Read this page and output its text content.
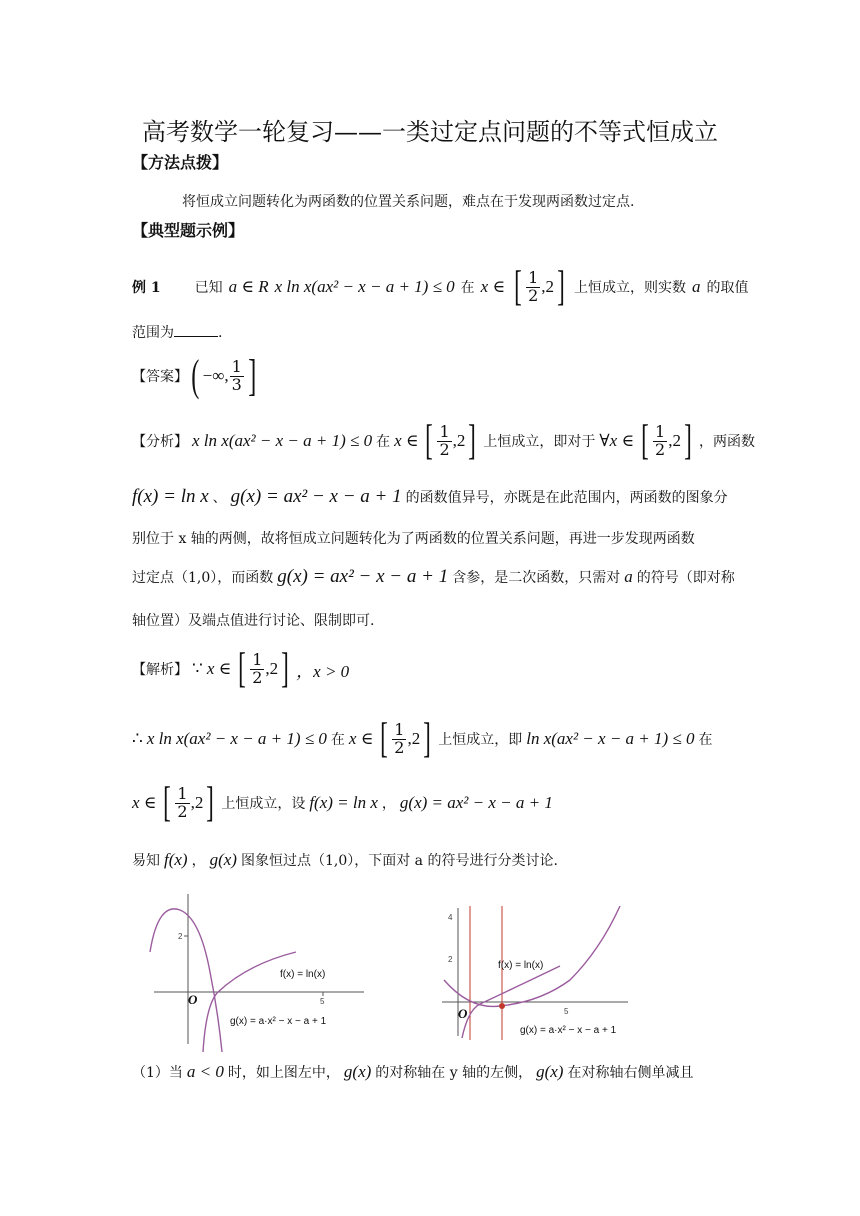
高考数学一轮复习——一类过定点问题的不等式恒成立
【方法点拨】
将恒成立问题转化为两函数的位置关系问题，难点在于发现两函数过定点.
【典型题示例】
例 1 已知 a ∈ R x ln x(ax² − x − a + 1) ≤ 0 在 x ∈ [ $\frac{1}{2} ,2$ ] 上恒成立，则实数 a 的取值
范围为	.
【答案】 ( −∞, $\frac{1}{3}$ ]
【分析】 x ln x(ax² − x − a + 1) ≤ 0 在 x ∈ [ $\frac{1}{2} ,2$ ] 上恒成立，即对于 ∀x ∈ [ $\frac{1}{2} ,2$ ] ，两函数
f(x) = ln x 、 g(x) = ax² − x − a + 1 的函数值异号，亦既是在此范围内，两函数的图象分
别位于 x 轴的两侧，故将恒成立问题转化为了两函数的位置关系问题，再进一步发现两函数
过定点（1,0），而函数 g(x) = ax² − x − a + 1 含参，是二次函数，只需对 a 的符号（即对称
轴位置）及端点值进行讨论、限制即可.
【解析】 ∵ x ∈ [ $\frac{1}{2} ,2$ ] ，x > 0
∴ x ln x(ax² − x − a + 1) ≤ 0 在 x ∈ [ $\frac{1}{2} ,2$ ] 上恒成立，即 ln x(ax² − x − a + 1) ≤ 0 在
x ∈ [ $\frac{1}{2} ,2$ ] 上恒成立，设 f(x) = ln x ， g(x) = ax² − x − a + 1
易知 f(x) ， g(x) 图象恒过点（1,0），下面对 a 的符号进行分类讨论.
2
5
O
f(x) = ln(x)
g(x) = a·x² − x − a + 1
4
2
5
O
f(x) = ln(x)
g(x) = a·x² − x − a + 1
（1）当 a < 0 时，如上图左中， g(x) 的对称轴在 y 轴的左侧， g(x) 在对称轴右侧单减且
